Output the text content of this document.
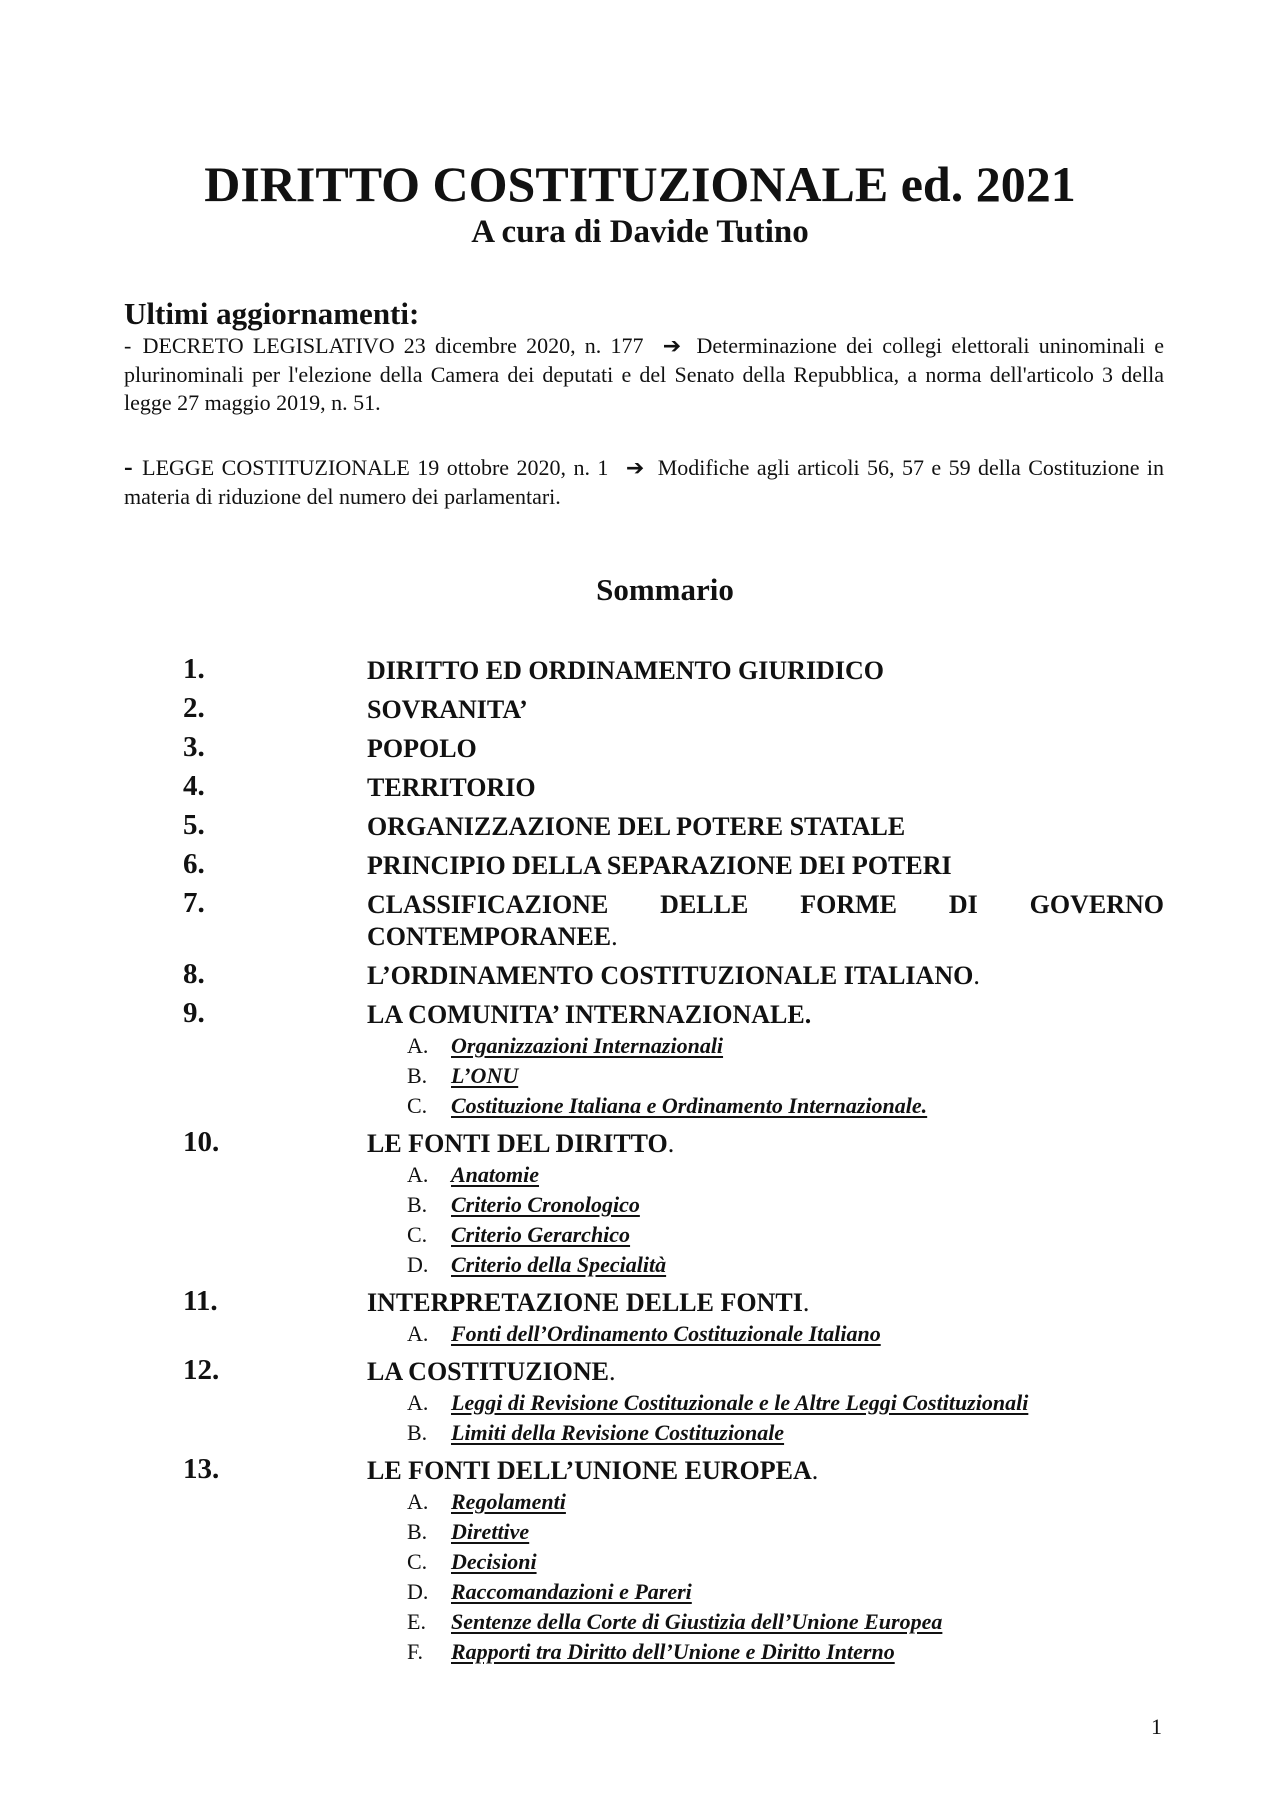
DIRITTO COSTITUZIONALE ed. 2021
A cura di Davide Tutino
Ultimi aggiornamenti:
- DECRETO LEGISLATIVO 23 dicembre 2020, n. 177 ➔ Determinazione dei collegi elettorali uninominali e plurinominali per l'elezione della Camera dei deputati e del Senato della Repubblica, a norma dell'articolo 3 della legge 27 maggio 2019, n. 51.
- LEGGE COSTITUZIONALE 19 ottobre 2020, n. 1 ➔ Modifiche agli articoli 56, 57 e 59 della Costituzione in materia di riduzione del numero dei parlamentari.
Sommario
1.	DIRITTO ED ORDINAMENTO GIURIDICO
2.	SOVRANITA’
3.	POPOLO
4.	TERRITORIO
5.	ORGANIZZAZIONE DEL POTERE STATALE
6.	PRINCIPIO DELLA SEPARAZIONE DEI POTERI
7.	CLASSIFICAZIONE DELLE FORME DI GOVERNO CONTEMPORANEE.
8.	L’ORDINAMENTO COSTITUZIONALE ITALIANO.
9.	LA COMUNITA’ INTERNAZIONALE.
A.	Organizzazioni Internazionali
B.	L’ONU
C.	Costituzione Italiana e Ordinamento Internazionale.
10.	LE FONTI DEL DIRITTO.
A.	Anatomie
B.	Criterio Cronologico
C.	Criterio Gerarchico
D.	Criterio della Specialità
11.	INTERPRETAZIONE DELLE FONTI.
A.	Fonti dell’Ordinamento Costituzionale Italiano
12.	LA COSTITUZIONE.
A.	Leggi di Revisione Costituzionale e le Altre Leggi Costituzionali
B.	Limiti della Revisione Costituzionale
13.	LE FONTI DELL’UNIONE EUROPEA.
A.	Regolamenti
B.	Direttive
C.	Decisioni
D.	Raccomandazioni e Pareri
E.	Sentenze della Corte di Giustizia dell’Unione Europea
F.	Rapporti tra Diritto dell’Unione e Diritto Interno
1
